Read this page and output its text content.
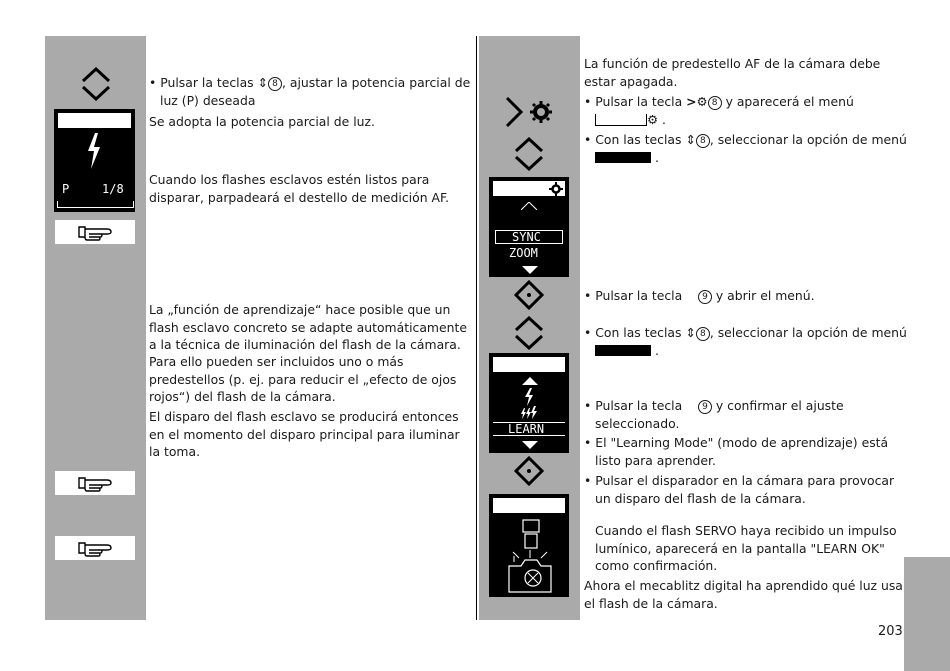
P	1/8
• Pulsar la teclas ⇕ 8 , ajustar la potencia parcial de luz (P) deseada
Se adopta la potencia parcial de luz.
Cuando los flashes esclavos estén listos para disparar, parpadeará el destello de medición AF.
La „función de aprendizaje“ hace posible que un flash esclavo concreto se adapte automáticamente a la técnica de iluminación del flash de la cámara.
Para ello pueden ser incluidos uno o más predestellos (p. ej. para reducir el „efecto de ojos rojos“) del flash de la cámara.
El disparo del flash esclavo se producirá entonces en el momento del disparo principal para iluminar la toma.
SYNC
ZOOM
LEARN
La función de predestello AF de la cámara debe estar apagada.
• Pulsar la tecla >⚙ 8 y aparecerá el menú
⚙ .
• Con las teclas ⇕ 8 , seleccionar la opción de menú  .
• Pulsar la tecla    9 y abrir el menú.
• Con las teclas ⇕ 8 , seleccionar la opción de menú  .
• Pulsar la tecla    9 y confirmar el ajuste seleccionado.
• El "Learning Mode" (modo de aprendizaje) está listo para aprender.
• Pulsar el disparador en la cámara para provocar un disparo del flash de la cámara.
Cuando el flash SERVO haya recibido un impulso lumínico, aparecerá en la pantalla "LEARN OK" como confirmación.
Ahora el mecablitz digital ha aprendido qué luz usa el flash de la cámara.
203
